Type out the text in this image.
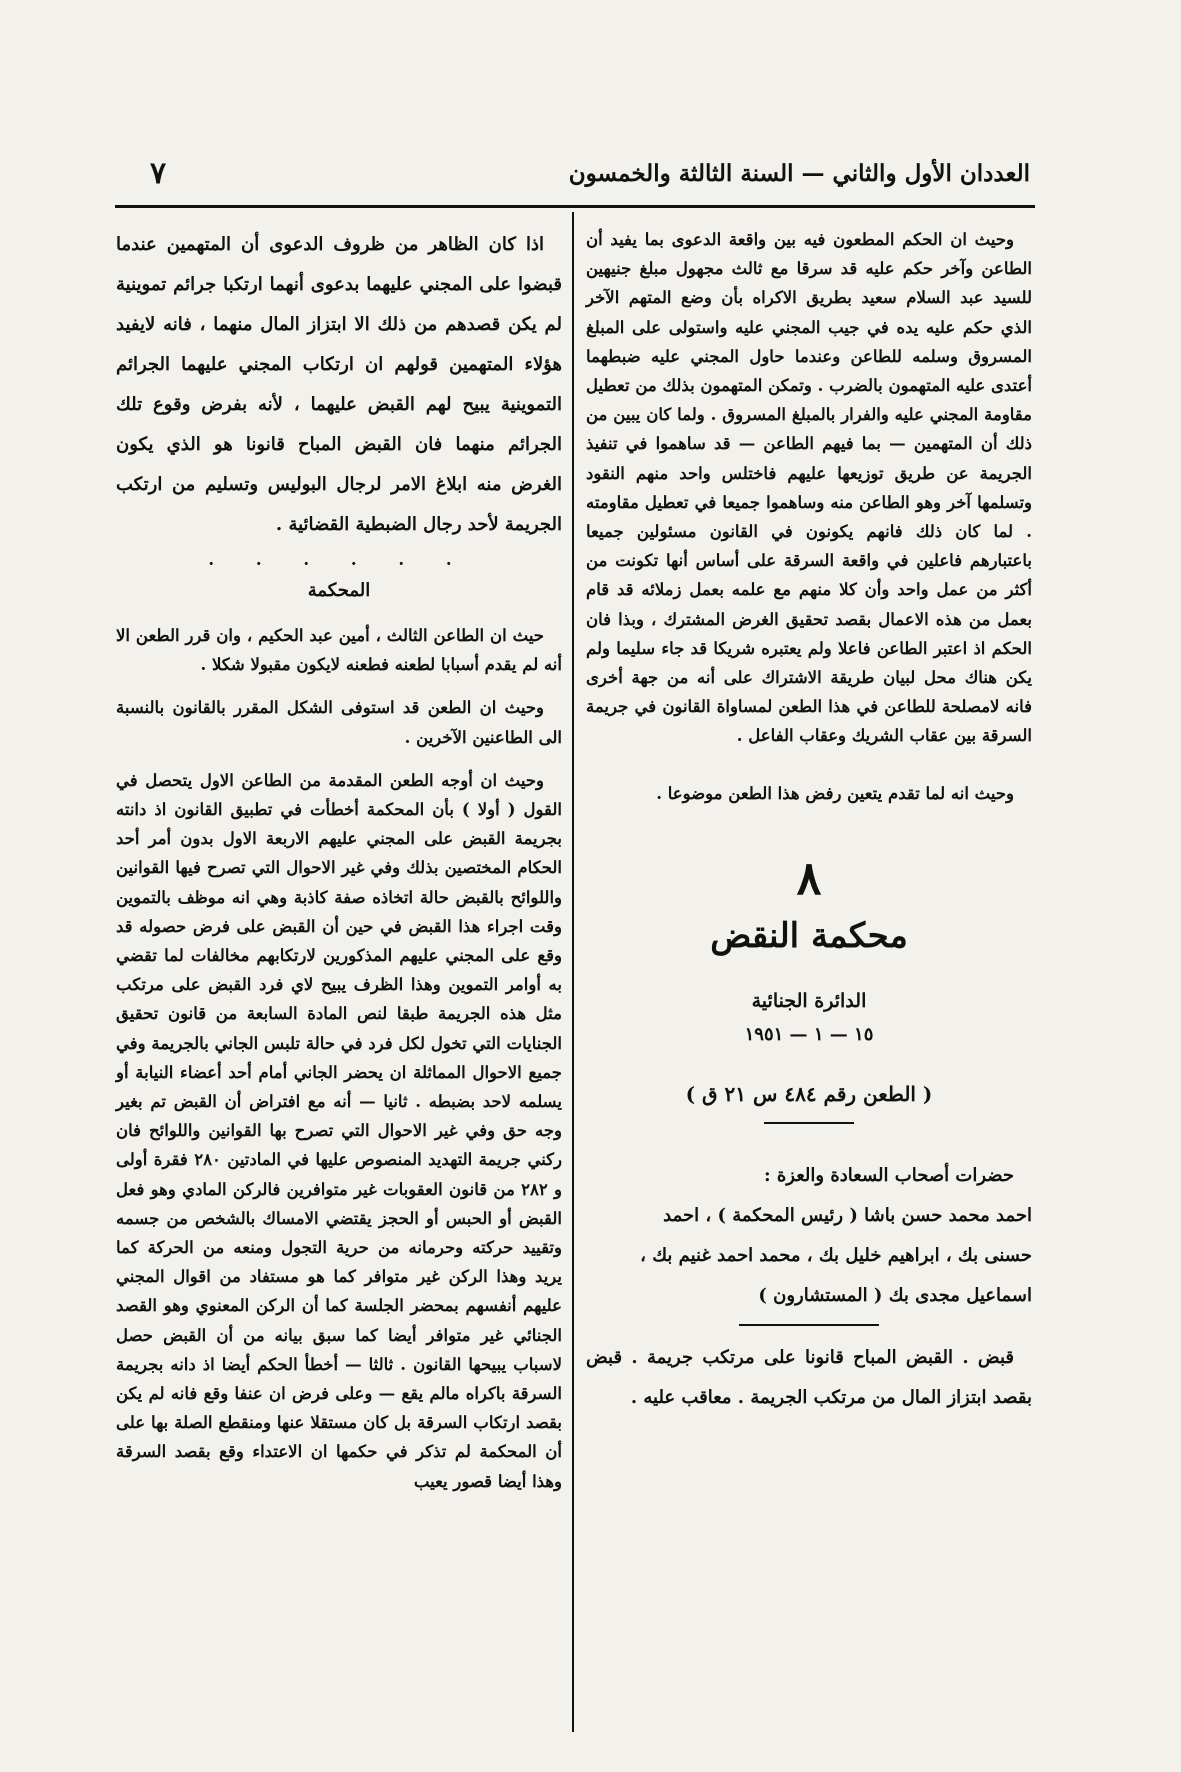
العددان الأول والثاني — السنة الثالثة والخمسون
٧

وحيث ان الحكم المطعون فيه بين واقعة الدعوى بما يفيد أن الطاعن وآخر حكم عليه قد سرقا مع ثالث مجهول مبلغ جنيهين للسيد عبد السلام سعيد بطريق الاكراه بأن وضع المتهم الآخر الذي حكم عليه يده في جيب المجني عليه واستولى على المبلغ المسروق وسلمه للطاعن وعندما حاول المجني عليه ضبطهما أعتدى عليه المتهمون بالضرب . وتمكن المتهمون بذلك من تعطيل مقاومة المجني عليه والفرار بالمبلغ المسروق . ولما كان يبين من ذلك أن المتهمين — بما فيهم الطاعن — قد ساهموا في تنفيذ الجريمة عن طريق توزيعها عليهم فاختلس واحد منهم النقود وتسلمها آخر وهو الطاعن منه وساهموا جميعا في تعطيل مقاومته . لما كان ذلك فانهم يكونون في القانون مسئولين جميعا باعتبارهم فاعلين في واقعة السرقة على أساس أنها تكونت من أكثر من عمل واحد وأن كلا منهم مع علمه بعمل زملائه قد قام بعمل من هذه الاعمال بقصد تحقيق الغرض المشترك ، وبذا فان الحكم اذ اعتبر الطاعن فاعلا ولم يعتبره شريكا قد جاء سليما ولم يكن هناك محل لبيان طريقة الاشتراك على أنه من جهة أخرى فانه لامصلحة للطاعن في هذا الطعن لمساواة القانون في جريمة السرقة بين عقاب الشريك وعقاب الفاعل .

وحيث انه لما تقدم يتعين رفض هذا الطعن موضوعا .

٨
محكمة النقض
الدائرة الجنائية
١٥ — ١ — ١٩٥١
( الطعن رقم ٤٨٤ س ٢١ ق )

حضرات أصحاب السعادة والعزة :

احمد محمد حسن باشا ( رئيس المحكمة ) ، احمد

حسنى بك ، ابراهيم خليل بك ، محمد احمد غنيم بك ،

اسماعيل مجدى بك ( المستشارون )

قبض . القبض المباح قانونا على مرتكب جريمة . قبض بقصد ابتزاز المال من مرتكب الجريمة . معاقب عليه .

اذا كان الظاهر من ظروف الدعوى أن المتهمين عندما قبضوا على المجني عليهما بدعوى أنهما ارتكبا جرائم تموينية لم يكن قصدهم من ذلك الا ابتزاز المال منهما ، فانه لايفيد هؤلاء المتهمين قولهم ان ارتكاب المجني عليهما الجرائم التموينية يبيح لهم القبض عليهما ، لأنه بفرض وقوع تلك الجرائم منهما فان القبض المباح قانونا هو الذي يكون الغرض منه ابلاغ الامر لرجال البوليس وتسليم من ارتكب الجريمة لأحد رجال الضبطية القضائية .

. . . . . .
المحكمة

حيث ان الطاعن الثالث ، أمين عبد الحكيم ، وان قرر الطعن الا أنه لم يقدم أسبابا لطعنه فطعنه لايكون مقبولا شكلا .

وحيث ان الطعن قد استوفى الشكل المقرر بالقانون بالنسبة الى الطاعنين الآخرين .

وحيث ان أوجه الطعن المقدمة من الطاعن الاول يتحصل في القول ( أولا ) بأن المحكمة أخطأت في تطبيق القانون اذ دانته بجريمة القبض على المجني عليهم الاربعة الاول بدون أمر أحد الحكام المختصين بذلك وفي غير الاحوال التي تصرح فيها القوانين واللوائح بالقبض حالة اتخاذه صفة كاذبة وهي انه موظف بالتموين وقت اجراء هذا القبض في حين أن القبض على فرض حصوله قد وقع على المجني عليهم المذكورين لارتكابهم مخالفات لما تقضي به أوامر التموين وهذا الظرف يبيح لاي فرد القبض على مرتكب مثل هذه الجريمة طبقا لنص المادة السابعة من قانون تحقيق الجنايات التي تخول لكل فرد في حالة تلبس الجاني بالجريمة وفي جميع الاحوال المماثلة ان يحضر الجاني أمام أحد أعضاء النيابة أو يسلمه لاحد بضبطه . ثانيا — أنه مع افتراض أن القبض تم بغير وجه حق وفي غير الاحوال التي تصرح بها القوانين واللوائح فان ركني جريمة التهديد المنصوص عليها في المادتين ٢٨٠ فقرة أولى و ٢٨٢ من قانون العقوبات غير متوافرين فالركن المادي وهو فعل القبض أو الحبس أو الحجز يقتضي الامساك بالشخص من جسمه وتقييد حركته وحرمانه من حرية التجول ومنعه من الحركة كما يريد وهذا الركن غير متوافر كما هو مستفاد من اقوال المجني عليهم أنفسهم بمحضر الجلسة كما أن الركن المعنوي وهو القصد الجنائي غير متوافر أيضا كما سبق بيانه من أن القبض حصل لاسباب يبيحها القانون . ثالثا — أخطأ الحكم أيضا اذ دانه بجريمة السرقة باكراه مالم يقع — وعلى فرض ان عنفا وقع فانه لم يكن بقصد ارتكاب السرقة بل كان مستقلا عنها ومنقطع الصلة بها على أن المحكمة لم تذكر في حكمها ان الاعتداء وقع بقصد السرقة وهذا أيضا قصور يعيب
